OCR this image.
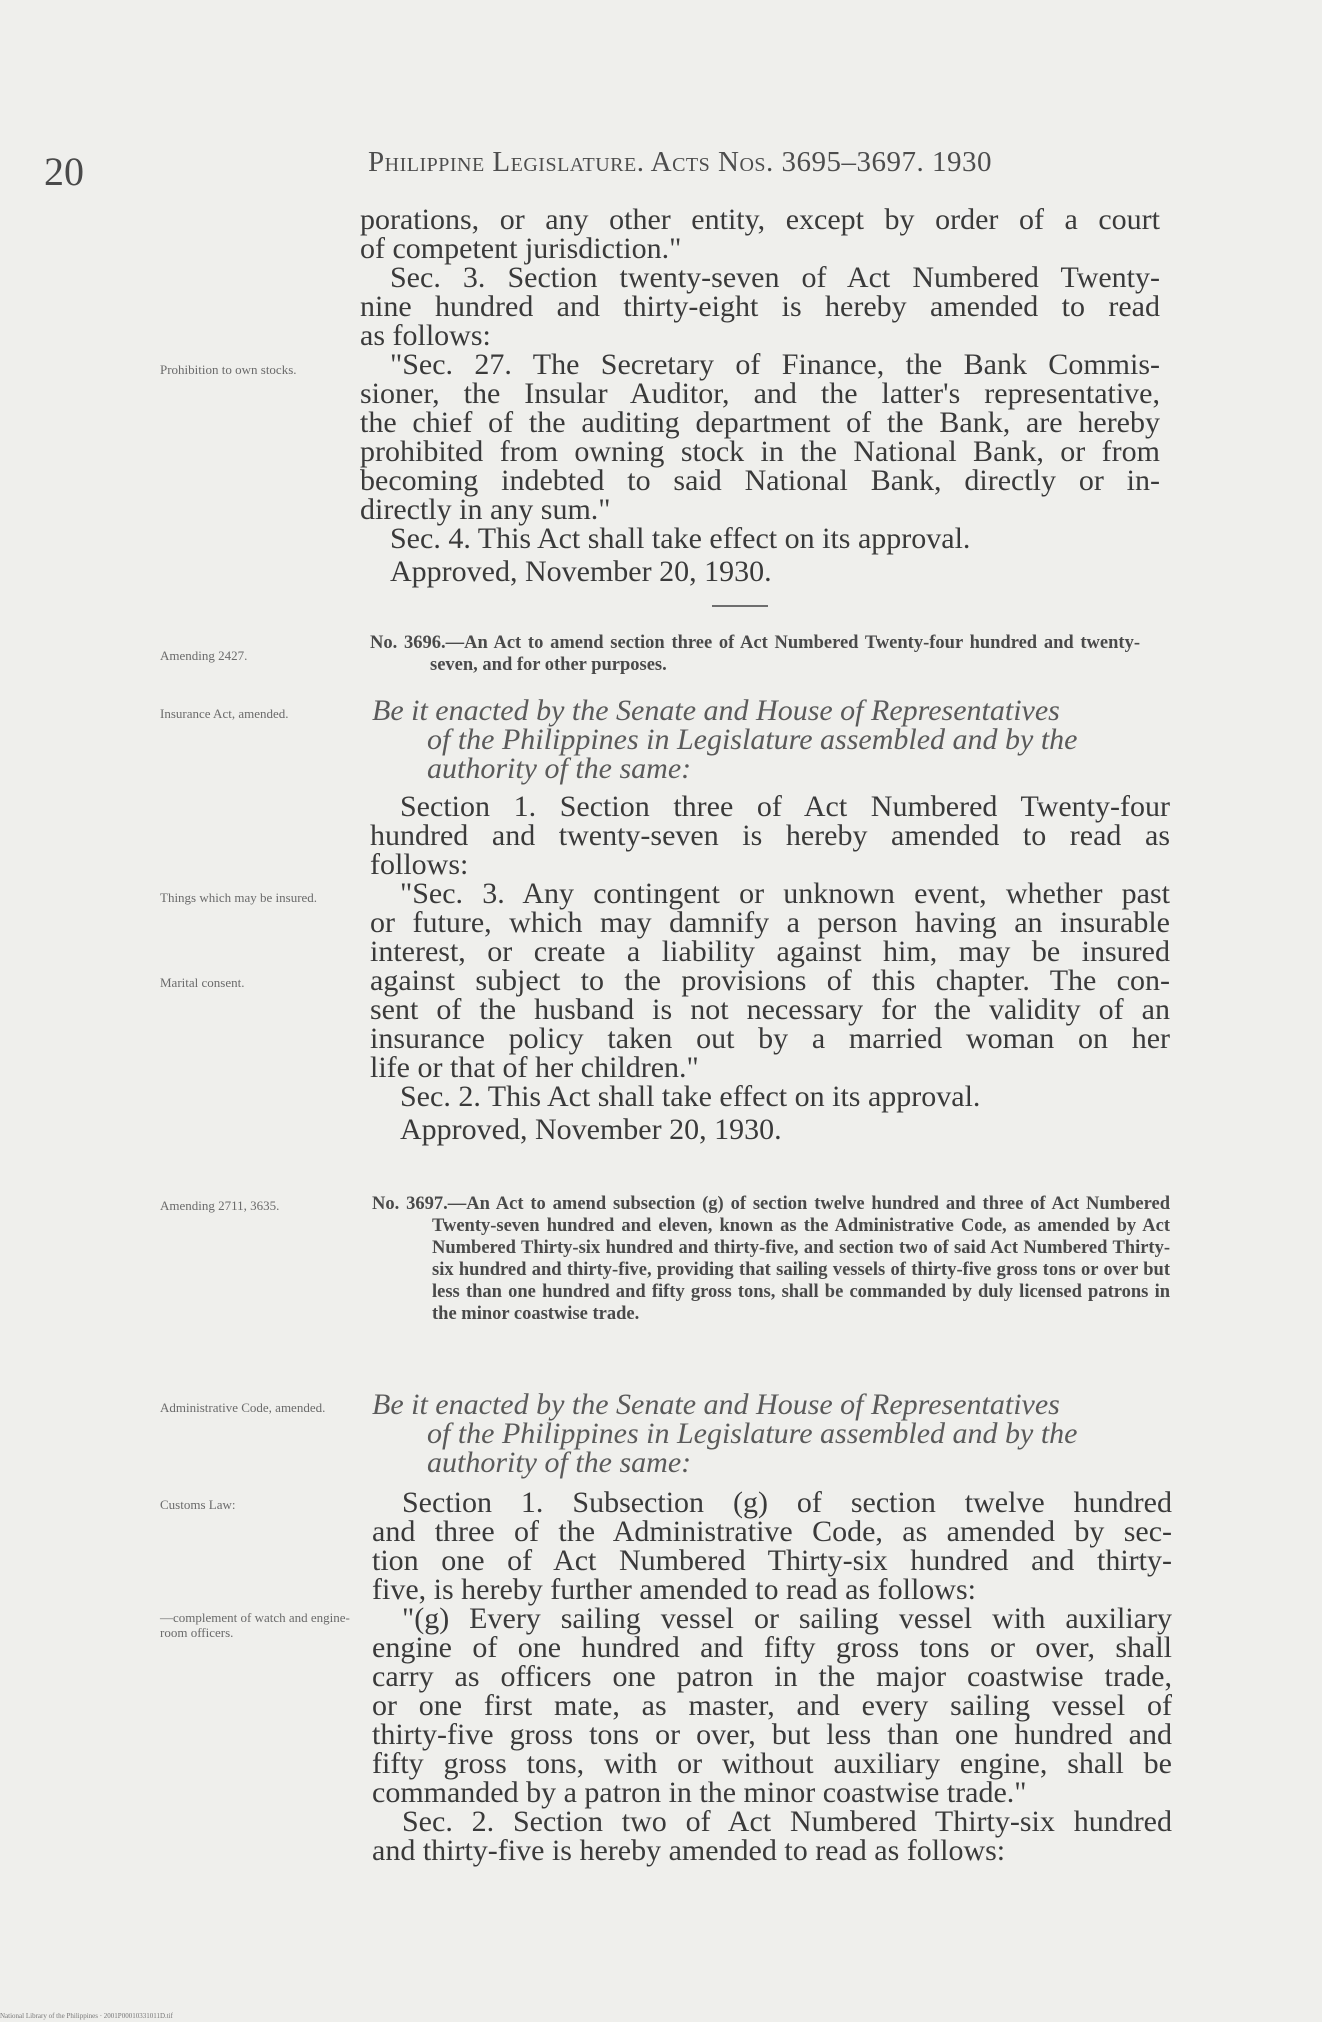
20	Philippine Legislature. Acts Nos. 3695–3697. 1930
porations, or any other entity, except by order of a court
of competent jurisdiction."
Sec. 3. Section twenty-seven of Act Numbered Twenty-
nine hundred and thirty-eight is hereby amended to read
as follows:
"Sec. 27. The Secretary of Finance, the Bank Commis-
sioner, the Insular Auditor, and the latter's representative,
the chief of the auditing department of the Bank, are hereby
prohibited from owning stock in the National Bank, or from
becoming indebted to said National Bank, directly or in-
directly in any sum."
Sec. 4. This Act shall take effect on its approval.
Approved, November 20, 1930.
Prohibition to own stocks.
Amending 2427.
No. 3696.—An Act to amend section three of Act Numbered Twenty-four hundred and twenty-seven, and for other purposes.
Insurance Act, amended.	Be it enacted by the Senate and House of Representatives
of the Philippines in Legislature assembled and by the
authority of the same:
Section 1. Section three of Act Numbered Twenty-four
hundred and twenty-seven is hereby amended to read as
follows:
"Sec. 3. Any contingent or unknown event, whether past
or future, which may damnify a person having an insurable
interest, or create a liability against him, may be insured
against subject to the provisions of this chapter. The con-
sent of the husband is not necessary for the validity of an
insurance policy taken out by a married woman on her
life or that of her children."
Sec. 2. This Act shall take effect on its approval.
Approved, November 20, 1930.
Things which may be insured.
Marital consent.
Amending 2711, 3635.	No. 3697.—An Act to amend subsection (g) of section twelve hundred and three of Act Numbered Twenty-seven hundred and eleven, known as the Administrative Code, as amended by Act Numbered Thirty-six hundred and thirty-five, and section two of said Act Numbered Thirty-six hundred and thirty-five, providing that sailing vessels of thirty-five gross tons or over but less than one hundred and fifty gross tons, shall be commanded by duly licensed patrons in the minor coastwise trade.
Administrative Code, amended.	Be it enacted by the Senate and House of Representatives
of the Philippines in Legislature assembled and by the
authority of the same:
Customs Law:	Section 1. Subsection (g) of section twelve hundred
and three of the Administrative Code, as amended by sec-
tion one of Act Numbered Thirty-six hundred and thirty-
five, is hereby further amended to read as follows:
"(g) Every sailing vessel or sailing vessel with auxiliary
engine of one hundred and fifty gross tons or over, shall
carry as officers one patron in the major coastwise trade,
or one first mate, as master, and every sailing vessel of
thirty-five gross tons or over, but less than one hundred and
fifty gross tons, with or without auxiliary engine, shall be
commanded by a patron in the minor coastwise trade."
Sec. 2. Section two of Act Numbered Thirty-six hundred
and thirty-five is hereby amended to read as follows:
—complement of watch and engine-room officers.
National Library of the Philippines · 2001P00010331011D.tif
